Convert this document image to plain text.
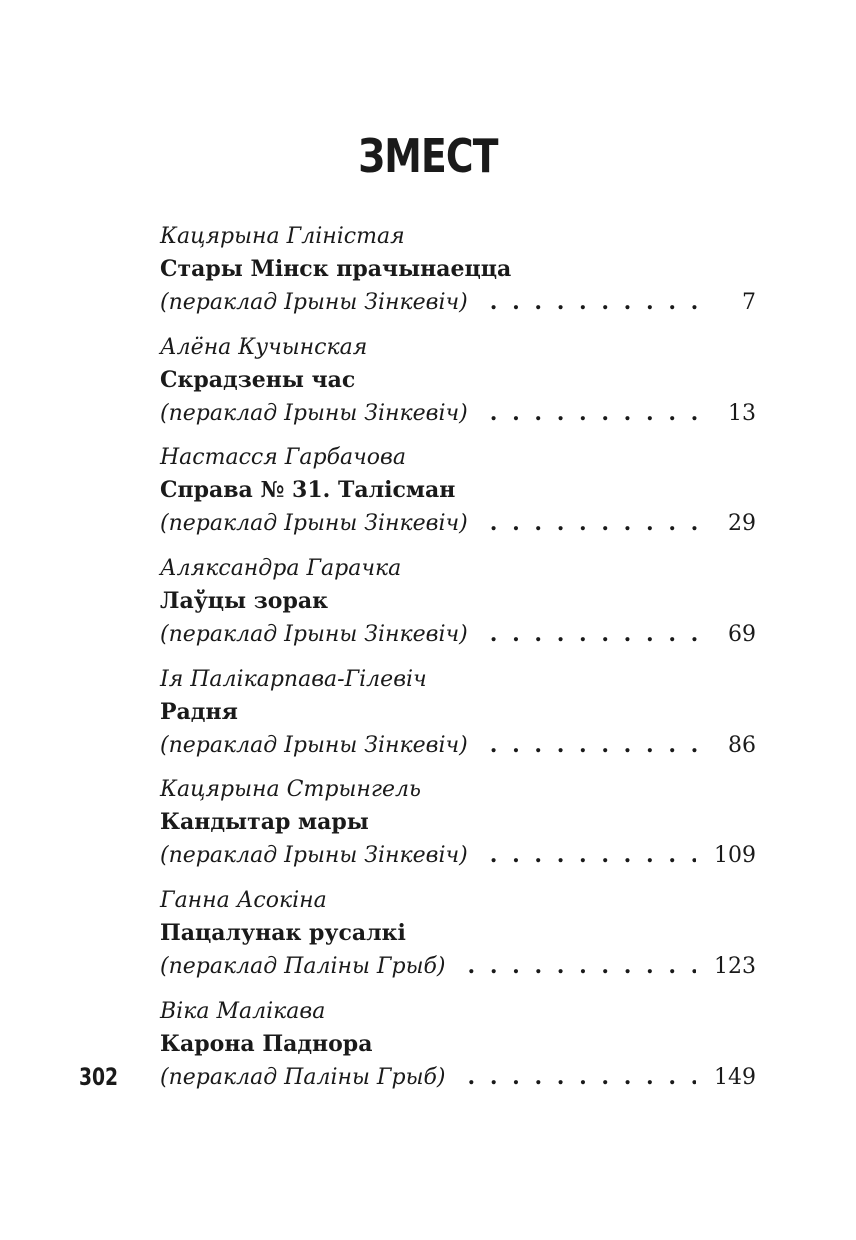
ЗМЕСТ
Кацярына Глiнiстая
Стары Мiнск прачынаецца
(пераклад Ірыны Зiнкевiч) . . .	7
Алёна Кучынская
Скрадзены час
(пераклад Ірыны Зiнкевiч) . . .	13
Настасся Гарбачова
Справа № 31. Талiсман
(пераклад Ірыны Зiнкевiч) . . .	29
Аляксандра Гарачка
Лаўцы зорак
(пераклад Ірыны Зiнкевiч) . . .	69
Ія Палiкарпава-Гiлевiч
Радня
(пераклад Ірыны Зiнкевiч) . . .	86
Кацярына Стрынгель
Кандытар мары
(пераклад Ірыны Зiнкевiч) . . .	109
Ганна Асокiна
Пацалунак русалкi
(пераклад Палiны Грыб) . . .	123
Вiка Малiкава
Карона Паднора
(пераклад Палiны Грыб) . . .	149
302
